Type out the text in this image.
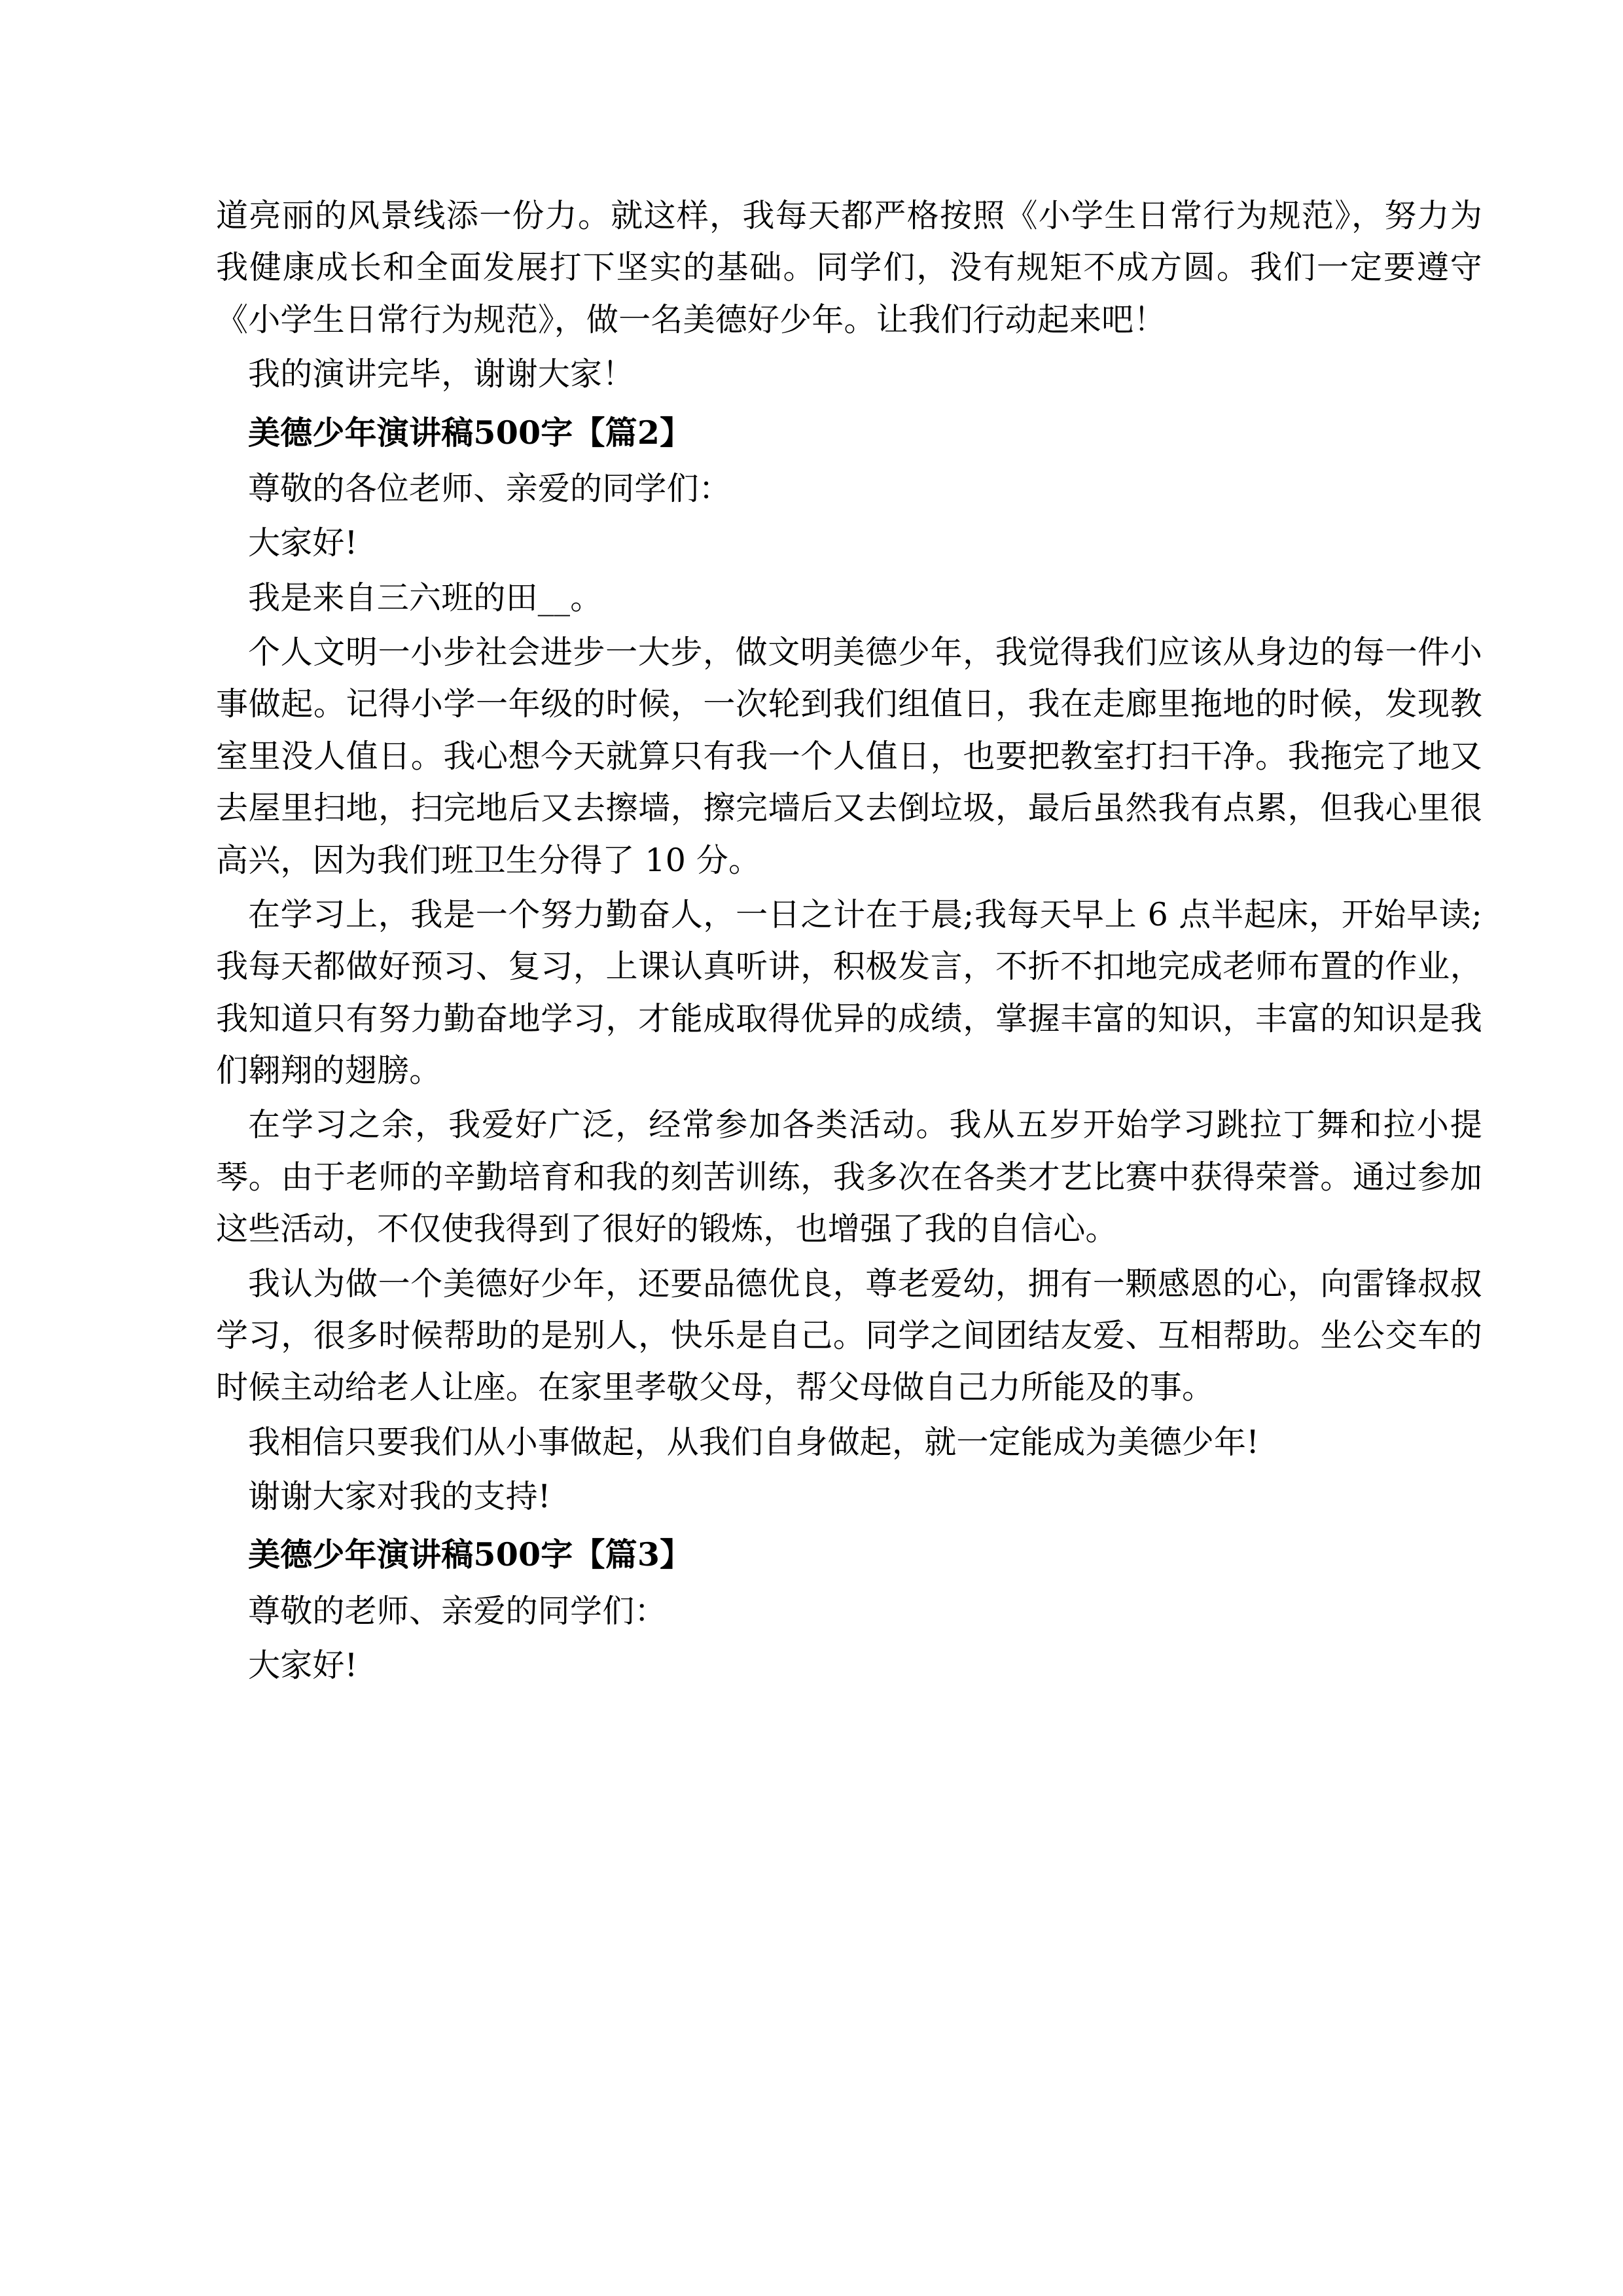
道亮丽的风景线添一份力。就这样，我每天都严格按照《小学生日常行为规范》，努力为我健康成长和全面发展打下坚实的基础。同学们，没有规矩不成方圆。我们一定要遵守《小学生日常行为规范》，做一名美德好少年。让我们行动起来吧！

我的演讲完毕，谢谢大家！

美德少年演讲稿500字【篇2】

尊敬的各位老师、亲爱的同学们：

大家好!

我是来自三六班的田__。

个人文明一小步社会进步一大步，做文明美德少年，我觉得我们应该从身边的每一件小事做起。记得小学一年级的时候，一次轮到我们组值日，我在走廊里拖地的时候，发现教室里没人值日。我心想今天就算只有我一个人值日，也要把教室打扫干净。我拖完了地又去屋里扫地，扫完地后又去擦墙，擦完墙后又去倒垃圾，最后虽然我有点累，但我心里很高兴，因为我们班卫生分得了 10 分。

在学习上，我是一个努力勤奋人，一日之计在于晨;我每天早上 6 点半起床，开始早读;我每天都做好预习、复习，上课认真听讲，积极发言，不折不扣地完成老师布置的作业，我知道只有努力勤奋地学习，才能成取得优异的成绩，掌握丰富的知识，丰富的知识是我们翱翔的翅膀。

在学习之余，我爱好广泛，经常参加各类活动。我从五岁开始学习跳拉丁舞和拉小提琴。由于老师的辛勤培育和我的刻苦训练，我多次在各类才艺比赛中获得荣誉。通过参加这些活动，不仅使我得到了很好的锻炼，也增强了我的自信心。

我认为做一个美德好少年，还要品德优良，尊老爱幼，拥有一颗感恩的心，向雷锋叔叔学习，很多时候帮助的是别人，快乐是自己。同学之间团结友爱、互相帮助。坐公交车的时候主动给老人让座。在家里孝敬父母，帮父母做自己力所能及的事。

我相信只要我们从小事做起，从我们自身做起，就一定能成为美德少年!

谢谢大家对我的支持!

美德少年演讲稿500字【篇3】

尊敬的老师、亲爱的同学们：

大家好!
